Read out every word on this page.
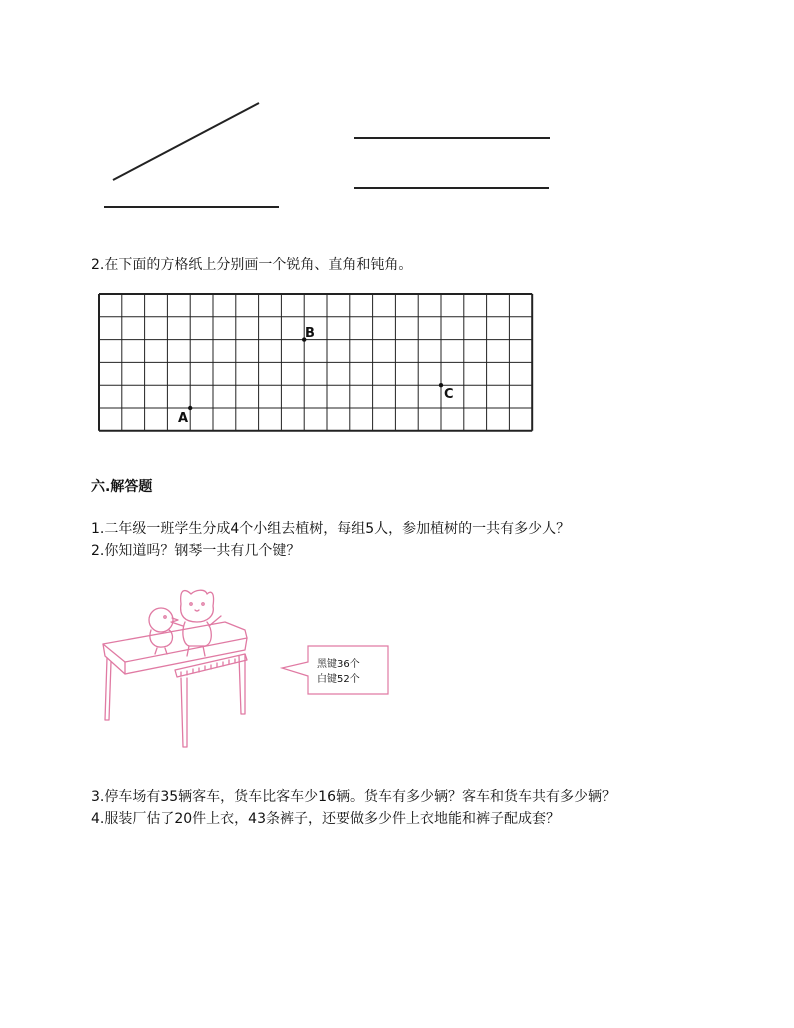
2.在下面的方格纸上分别画一个锐角、直角和钝角。
B
C
A
六.解答题
1.二年级一班学生分成4个小组去植树，每组5人，参加植树的一共有多少人？
2.你知道吗？钢琴一共有几个键？
黑键36个
白键52个
3.停车场有35辆客车，货车比客车少16辆。货车有多少辆？客车和货车共有多少辆？
4.服装厂估了20件上衣，43条裤子，还要做多少件上衣地能和裤子配成套？
